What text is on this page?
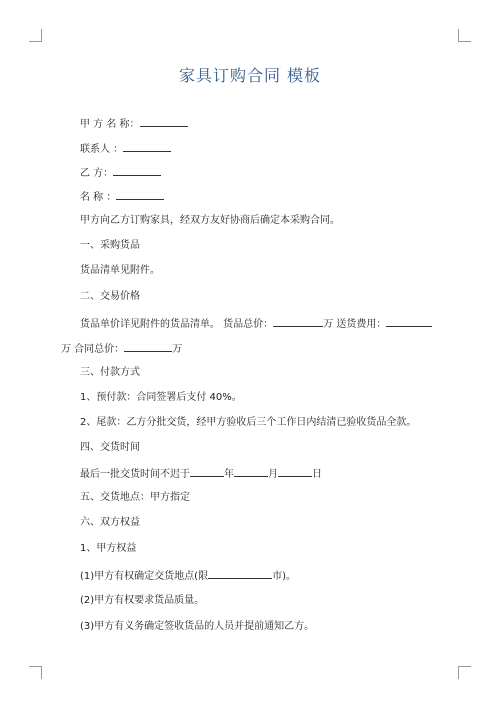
家具订购合同 模板
甲 方 名 称：
联系人 ：
乙 方：
名 称 ：
甲方向乙方订购家具，经双方友好协商后确定本采购合同。
一、采购货品
货品清单见附件。
二、交易价格
货品单价详见附件的货品清单。 货品总价：	万 送货费用：
万 合同总价：	万
三、付款方式
1、预付款：合同签署后支付 40%。
2、尾款：乙方分批交货，经甲方验收后三个工作日内结清已验收货品全款。
四、交货时间
最后一批交货时间不迟于	年	月	日
五、交货地点：甲方指定
六、双方权益
1、甲方权益
(1)甲方有权确定交货地点(限	市)。
(2)甲方有权要求货品质量。
(3)甲方有义务确定签收货品的人员并提前通知乙方。
